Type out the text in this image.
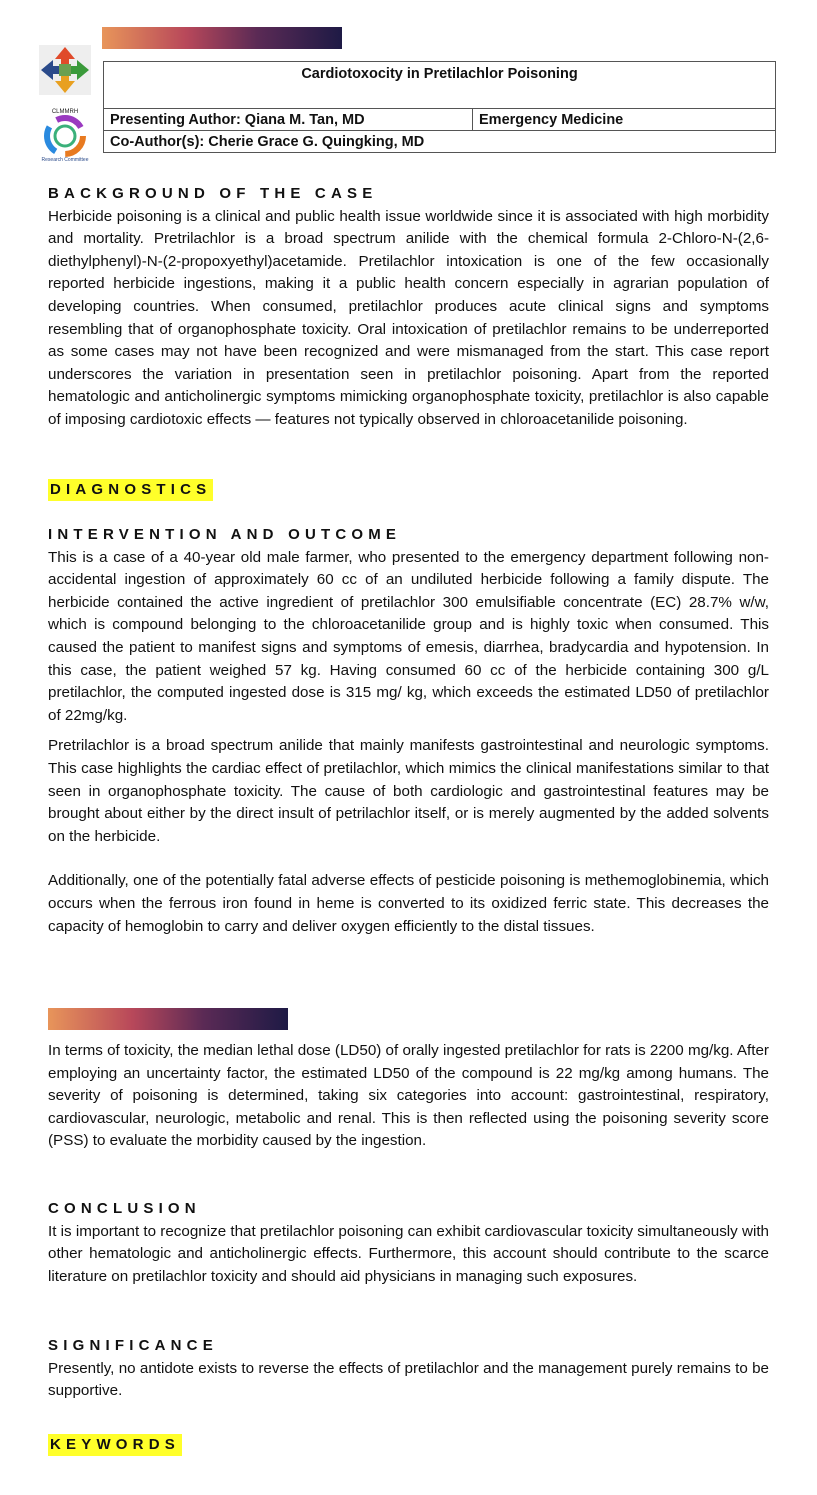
CLMMRH
Research Committee
Cardiotoxocity in Pretilachlor Poisoning

Presenting Author: Qiana M. Tan, MD	Emergency Medicine
Co-Author(s): Cherie Grace G. Quingking, MD
BACKGROUND OF THE CASE

Herbicide poisoning is a clinical and public health issue worldwide since it is associated with high morbidity and mortality. Pretrilachlor is a broad spectrum anilide with the chemical formula 2-Chloro-N-(2,6- diethylphenyl)-N-(2-propoxyethyl)acetamide. Pretilachlor intoxication is one of the few occasionally reported herbicide ingestions, making it a public health concern especially in agrarian population of developing countries. When consumed, pretilachlor produces acute clinical signs and symptoms resembling that of organophosphate toxicity. Oral intoxication of pretilachlor remains to be underreported as some cases may not have been recognized and were mismanaged from the start. This case report underscores the variation in presentation seen in pretilachlor poisoning. Apart from the reported hematologic and anticholinergic symptoms mimicking organophosphate toxicity, pretilachlor is also capable of imposing cardiotoxic effects — features not typically observed in chloroacetanilide poisoning.

DIAGNOSTICS
INTERVENTION AND OUTCOME

This is a case of a 40-year old male farmer, who presented to the emergency department following non-accidental ingestion of approximately 60 cc of an undiluted herbicide following a family dispute. The herbicide contained the active ingredient of pretilachlor 300 emulsifiable concentrate (EC) 28.7% w/w, which is compound belonging to the chloroacetanilide group and is highly toxic when consumed. This caused the patient to manifest signs and symptoms of emesis, diarrhea, bradycardia and hypotension. In this case, the patient weighed 57 kg. Having consumed 60 cc of the herbicide containing 300 g/L pretilachlor, the computed ingested dose is 315 mg/ kg, which exceeds the estimated LD50 of pretilachlor of 22mg/kg.

Pretrilachlor is a broad spectrum anilide that mainly manifests gastrointestinal and neurologic symptoms. This case highlights the cardiac effect of pretilachlor, which mimics the clinical manifestations similar to that seen in organophosphate toxicity. The cause of both cardiologic and gastrointestinal features may be brought about either by the direct insult of petrilachlor itself, or is merely augmented by the added solvents on the herbicide.

Additionally, one of the potentially fatal adverse effects of pesticide poisoning is methemoglobinemia, which occurs when the ferrous iron found in heme is converted to its oxidized ferric state. This decreases the capacity of hemoglobin to carry and deliver oxygen efficiently to the distal tissues.

In terms of toxicity, the median lethal dose (LD50) of orally ingested pretilachlor for rats is 2200 mg/kg. After employing an uncertainty factor, the estimated LD50 of the compound is 22 mg/kg among humans. The severity of poisoning is determined, taking six categories into account: gastrointestinal, respiratory, cardiovascular, neurologic, metabolic and renal. This is then reflected using the poisoning severity score (PSS) to evaluate the morbidity caused by the ingestion.

CONCLUSION

It is important to recognize that pretilachlor poisoning can exhibit cardiovascular toxicity simultaneously with other hematologic and anticholinergic effects. Furthermore, this account should contribute to the scarce literature on pretilachlor toxicity and should aid physicians in managing such exposures.

SIGNIFICANCE

Presently, no antidote exists to reverse the effects of pretilachlor and the management purely remains to be supportive.

KEYWORDS
